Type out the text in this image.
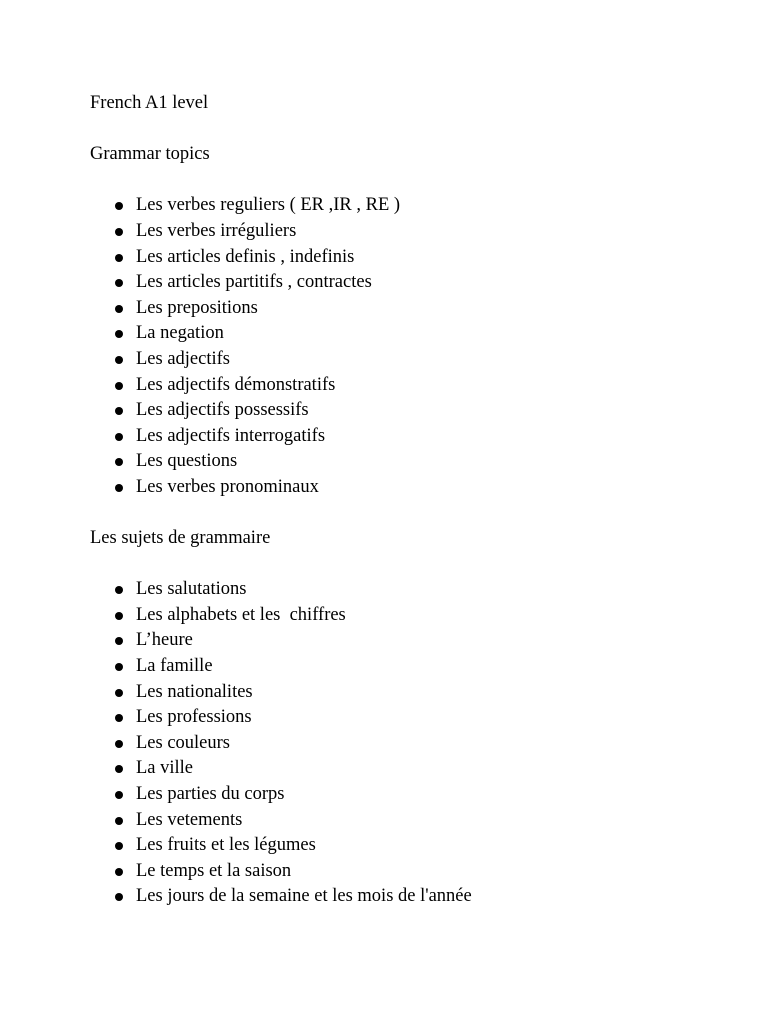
French A1 level

Grammar topics

Les verbes reguliers ( ER ,IR , RE )
Les verbes irréguliers
Les articles definis , indefinis
Les articles partitifs , contractes
Les prepositions
La negation
Les adjectifs
Les adjectifs démonstratifs
Les adjectifs possessifs
Les adjectifs interrogatifs
Les questions
Les verbes pronominaux

Les sujets de grammaire

Les salutations
Les alphabets et les  chiffres
L’heure
La famille
Les nationalites
Les professions
Les couleurs
La ville
Les parties du corps
Les vetements
Les fruits et les légumes
Le temps et la saison
Les jours de la semaine et les mois de l'année
